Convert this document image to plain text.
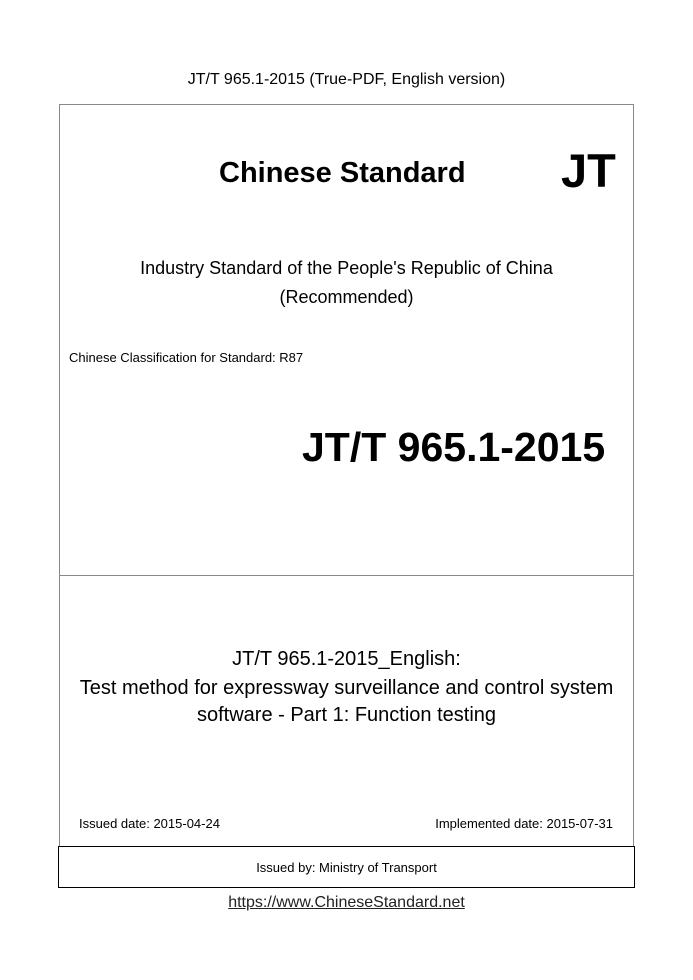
JT/T 965.1-2015 (True-PDF, English version)
Chinese Standard JT
Industry Standard of the People's Republic of China
(Recommended)
Chinese Classification for Standard: R87
JT/T 965.1-2015
JT/T 965.1-2015_English:
Test method for expressway surveillance and control system
software - Part 1: Function testing
Issued date: 2015-04-24	Implemented date: 2015-07-31
Issued by: Ministry of Transport
https://www.ChineseStandard.net
